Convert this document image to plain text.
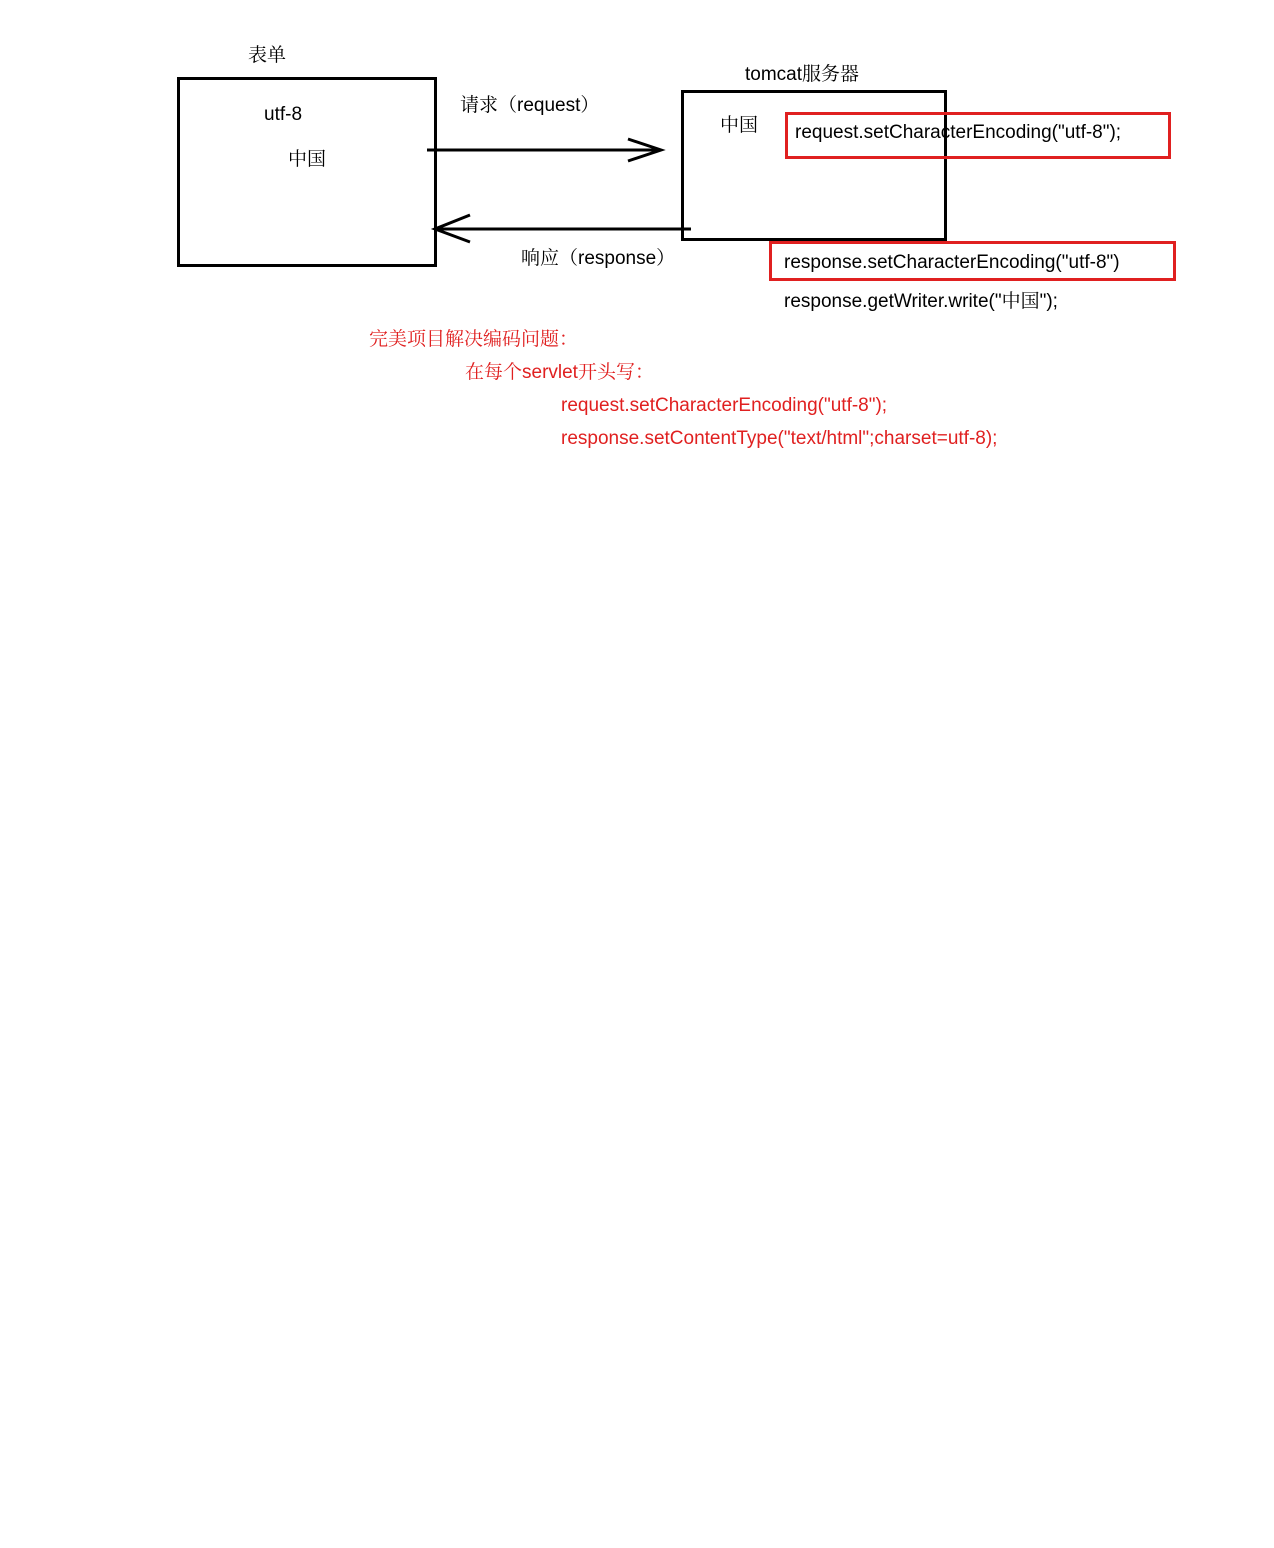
表单
utf-8
中国
tomcat服务器
中国 request.setCharacterEncoding("utf-8");
请求（request）
响应（response）	response.setCharacterEncoding("utf-8")
response.getWriter.write("中国");
完美项目解决编码问题：
在每个servlet开头写：
request.setCharacterEncoding("utf-8");
response.setContentType("text/html";charset=utf-8);
